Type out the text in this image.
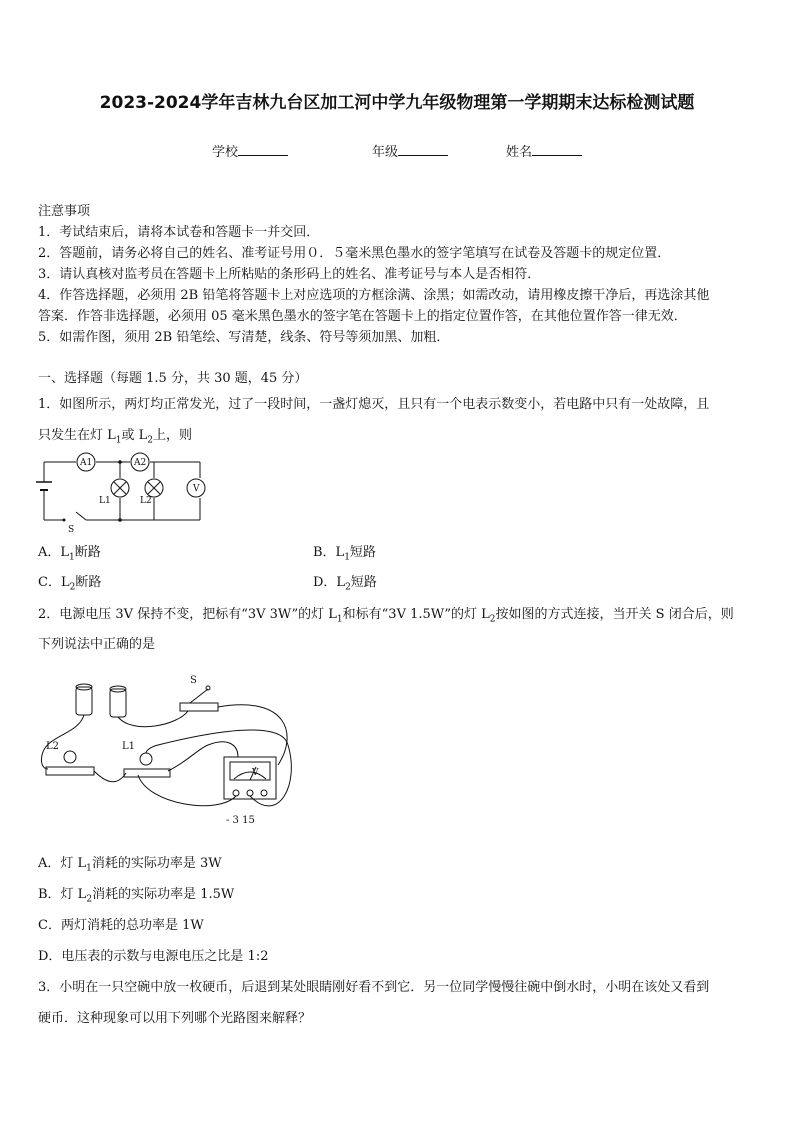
2023-2024学年吉林九台区加工河中学九年级物理第一学期期末达标检测试题
学校	年级	姓名
注意事项
1．考试结束后，请将本试卷和答题卡一并交回．
2．答题前，请务必将自己的姓名、准考证号用０．５毫米黑色墨水的签字笔填写在试卷及答题卡的规定位置．
3．请认真核对监考员在答题卡上所粘贴的条形码上的姓名、准考证号与本人是否相符．
4．作答选择题，必须用 2B 铅笔将答题卡上对应选项的方框涂满、涂黑；如需改动，请用橡皮擦干净后，再选涂其他
答案．作答非选择题，必须用 05 毫米黑色墨水的签字笔在答题卡上的指定位置作答，在其他位置作答一律无效．
5．如需作图，须用 2B 铅笔绘、写清楚，线条、符号等须加黑、加粗．
一、选择题（每题 1.5 分，共 30 题，45 分）
1．如图所示，两灯均正常发光，过了一段时间，一盏灯熄灭，且只有一个电表示数变小，若电路中只有一处故障，且
只发生在灯 $L_1$或 $L_2$上，则
A1	A2
V
L1	L2
S
A．$L_1$断路	B．$L_1$短路
C．$L_2$断路	D．$L_2$短路
2．电源电压 3V 保持不变，把标有“3V 3W”的灯 $L_1$和标有“3V 1.5W”的灯 $L_2$按如图的方式连接，当开关 S 闭合后，则
下列说法中正确的是
S
L2	L1
V
- 3 15
A．灯 $L_1$消耗的实际功率是 3W
B．灯 $L_2$消耗的实际功率是 1.5W
C．两灯消耗的总功率是 1W
D．电压表的示数与电源电压之比是 1:2
3．小明在一只空碗中放一枚硬币，后退到某处眼睛刚好看不到它．另一位同学慢慢往碗中倒水时，小明在该处又看到
硬币．这种现象可以用下列哪个光路图来解释？
